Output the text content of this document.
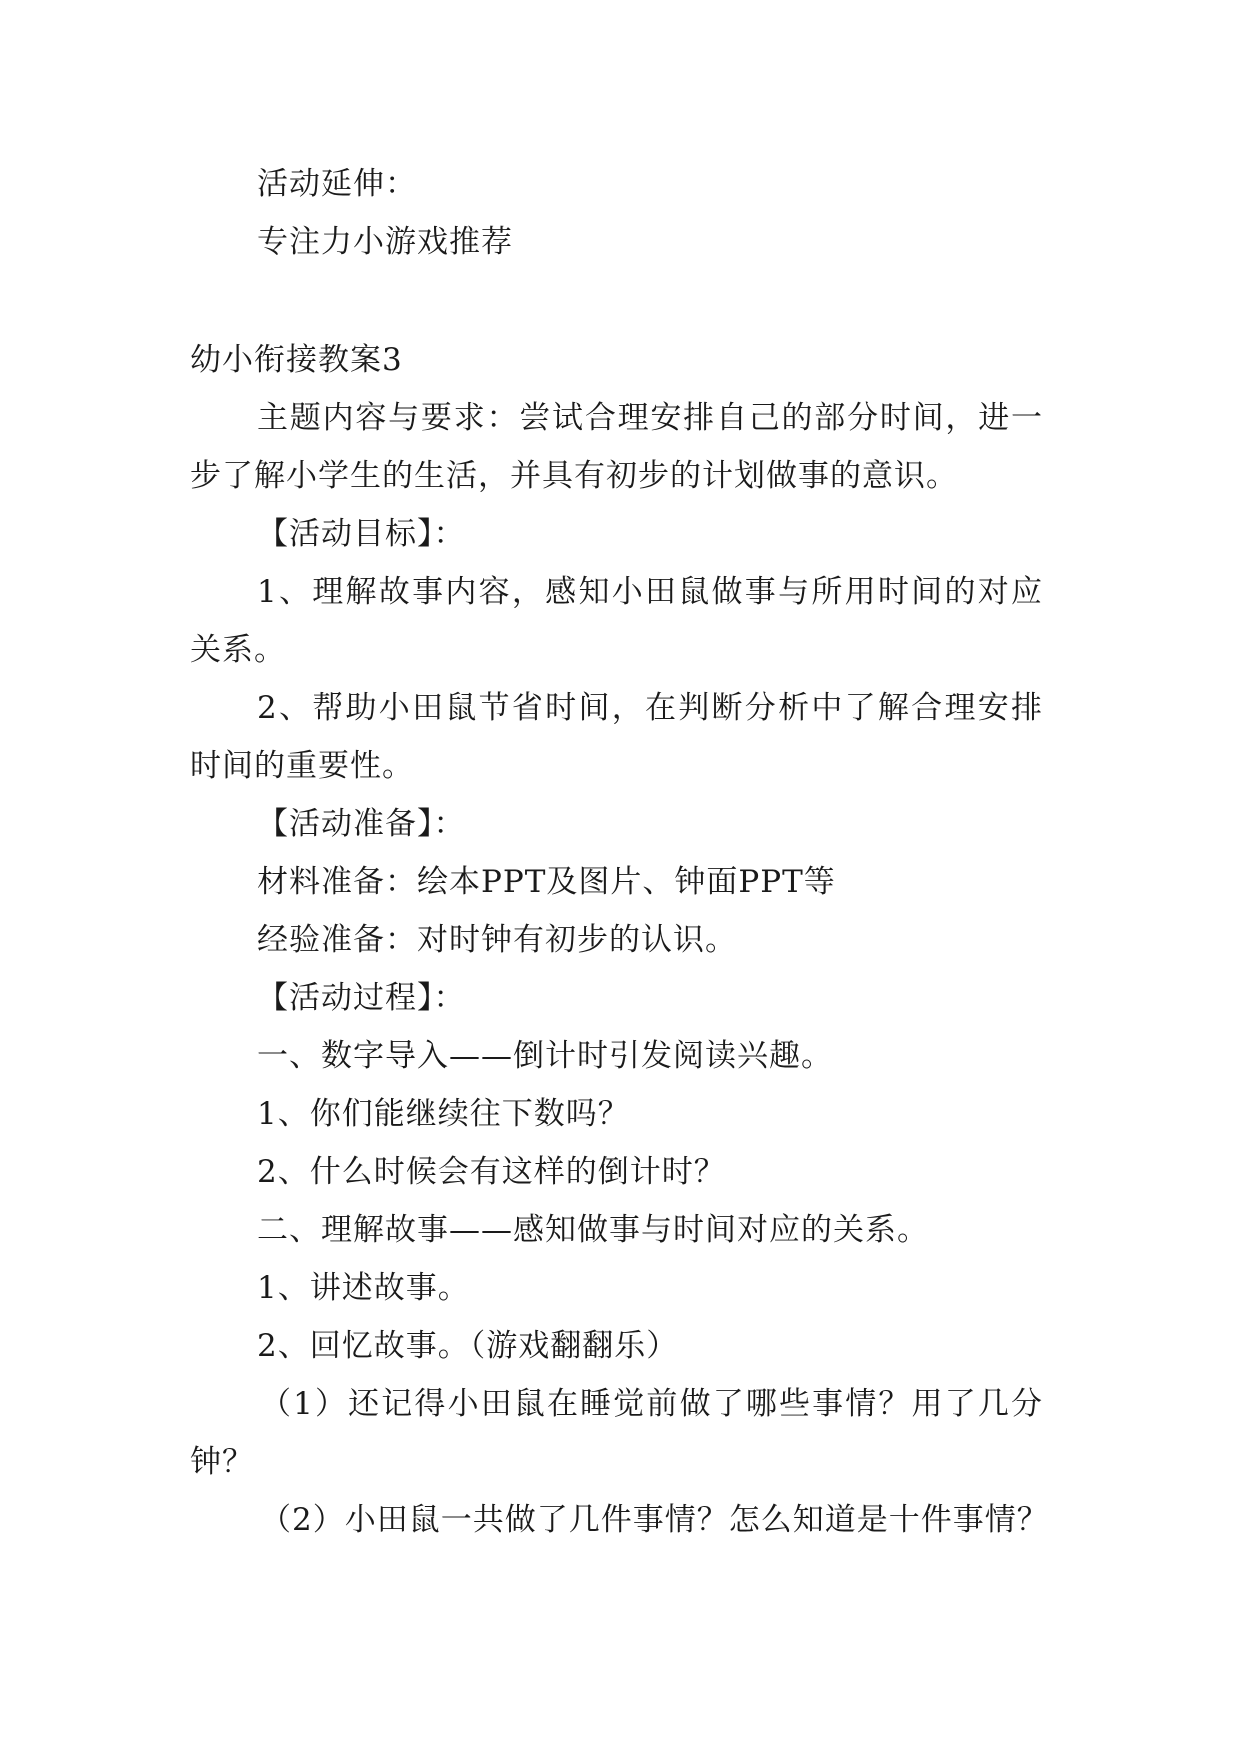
活动延伸：
专注力小游戏推荐
幼小衔接教案3
主题内容与要求：尝试合理安排自己的部分时间，进一
步了解小学生的生活，并具有初步的计划做事的意识。
【活动目标】：
1、理解故事内容，感知小田鼠做事与所用时间的对应
关系。
2、帮助小田鼠节省时间，在判断分析中了解合理安排
时间的重要性。
【活动准备】：
材料准备：绘本PPT及图片、钟面PPT等
经验准备：对时钟有初步的认识。
【活动过程】：
一、数字导入——倒计时引发阅读兴趣。
1、你们能继续往下数吗？
2、什么时候会有这样的倒计时？
二、理解故事——感知做事与时间对应的关系。
1、讲述故事。
2、回忆故事。（游戏翻翻乐）
（1）还记得小田鼠在睡觉前做了哪些事情？用了几分
钟？
（2）小田鼠一共做了几件事情？怎么知道是十件事情？
